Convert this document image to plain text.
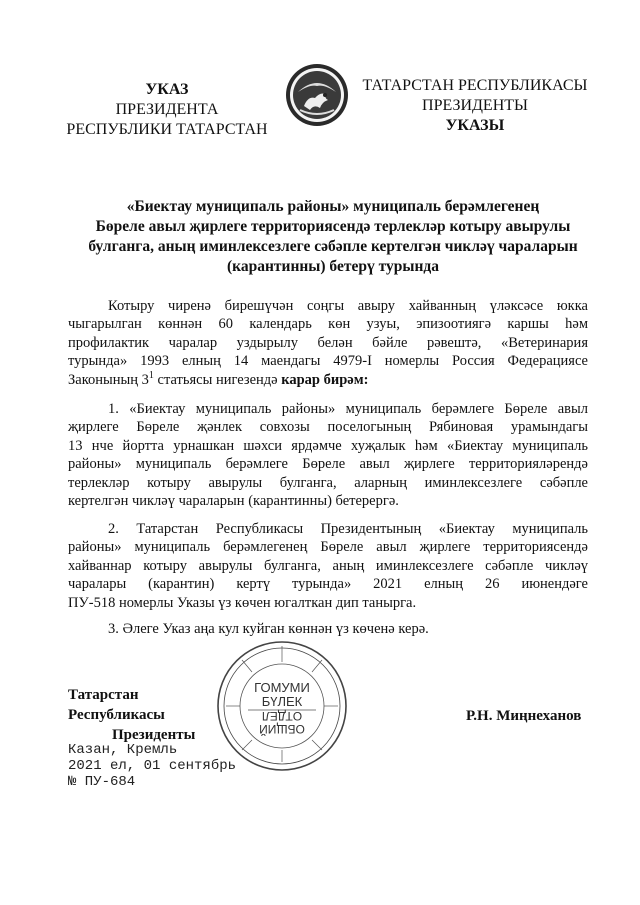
УКАЗ
ПРЕЗИДЕНТА
РЕСПУБЛИКИ ТАТАРСТАН
ТАТАРСТАН РЕСПУБЛИКАСЫ
ПРЕЗИДЕНТЫ
УКАЗЫ
«Биектау муниципаль районы» муниципаль берәмлегенең
Бөреле авыл җирлеге территориясендә терлекләр котыру авырулы
булганга, аның иминлексезлеге сәбәпле кертелгән чикләү чараларын
(карантинны) бетерү турында
Котыру чиренә бирешүчән соңгы авыру хайванның үләксәсе юкка
чыгарылган көннән 60 календарь көн узуы, эпизоотиягә каршы һәм
профилактик чаралар уздырылу белән бәйле рәвештә, «Ветеринария
турында» 1993 елның 14 маендагы 4979-I номерлы Россия Федерациясе
Законының $3^1$ статьясы нигезендә карар бирәм:
1. «Биектау муниципаль районы» муниципаль берәмлеге Бөреле авыл
җирлеге Бөреле җәнлек совхозы поселогының Рябиновая урамындагы
13 нче йортта урнашкан шәхси ярдәмче хуҗалык һәм «Биектау муниципаль
районы» муниципаль берәмлеге Бөреле авыл җирлеге территорияләрендә
терлекләр котыру авырулы булганга, аларның иминлексезлеге сәбәпле
кертелгән чикләү чараларын (карантинны) бетерергә.
2. Татарстан Республикасы Президентының «Биектау муниципаль
районы» муниципаль берәмлегенең Бөреле авыл җирлеге территориясендә
хайваннар котыру авырулы булганга, аның иминлексезлеге сәбәпле чикләү
чаралары (карантин) кертү турында» 2021 елның 26 июнендәге
ПУ-518 номерлы Указы үз көчен югалткан дип танырга.
3. Әлеге Указ аңа кул куйган көннән үз көченә керә.
Татарстан Республикасы
Президенты
ГОМУМИ
БҮЛЕК
ОТДЕЛ
ОБЩИЙ
Р.Н. Миңнеханов
Казан, Кремль
2021 ел, 01 сентябрь
№ ПУ-684
